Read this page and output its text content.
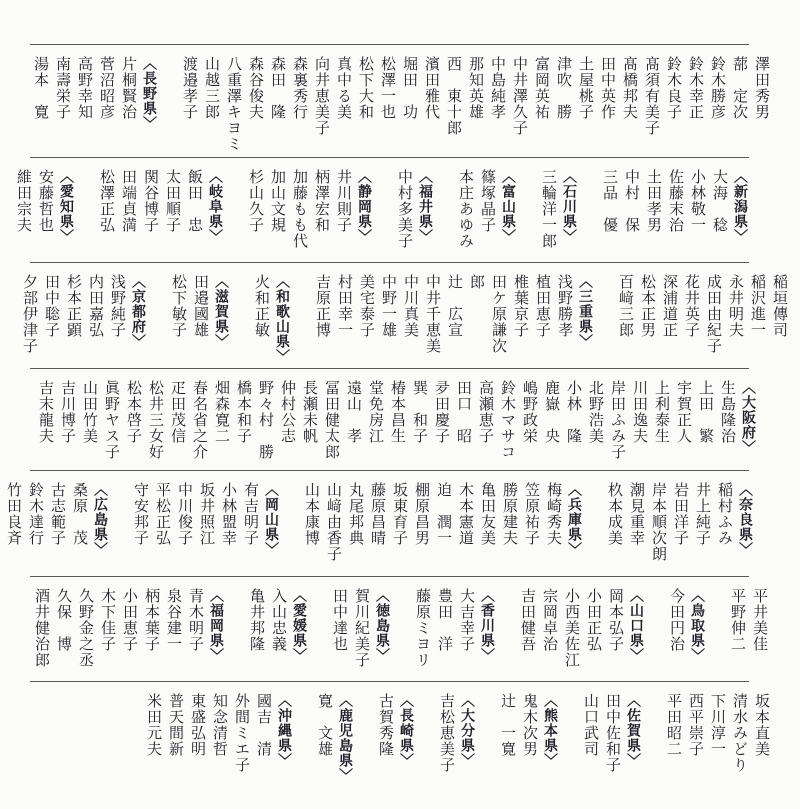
澤田秀男
蔀　定次
鈴木勝彦
鈴木幸正
鈴木良子
髙須有美子
髙橋邦夫
田中英作
土屋桃子
津吹　勝
富岡英祐
中井澤久子
中島純孝
那知英雄
西　東十郎
濱田雅代
堀田　功
松澤一也
松下大和
真中る美
向井恵美子
森裏秀行
森田　隆
森谷俊夫
八重澤キヨミ
山越三郎
渡邉孝子
〈長野県〉
片桐賢治
菅沼昭彦
高野幸知
南壽栄子
湯本　寛
〈新潟県〉
大海　稔
小林敬一
佐藤末治
土田孝男
中村　保
三品　優
〈石川県〉
三輪洋一郎
〈富山県〉
篠塚晶子
本庄あゆみ
〈福井県〉
中村多美子
〈静岡県〉
井川則子
柄澤宏和
加藤もも代
加山文規
杉山久子
〈岐阜県〉
飯田　忠
太田順子
関谷博子
田端貞満
松澤正弘
〈愛知県〉
安藤哲也
維田宗夫
稲垣傳司
稲沢進一
永井明夫
成田由紀子
花井英子
深浦道正
松本正男
百﨑三郎
〈三重県〉
浅野勝孝
植田恵子
椎葉京子
田ケ原謙次郎
辻　広宣
中井千恵美
中川真美
中野一雄
美宅泰子
村田幸一
吉原正博
〈和歌山県〉
火和正敏
〈滋賀県〉
田邉國雄
松下敏子
〈京都府〉
浅野純子
内田嘉弘
杉本正顕
田中聡子
夕部伊津子
〈大阪府〉
生島隆治
上田　繁
宇賀正人
上利泰生
川田逸夫
岸田ふみ子
北野浩美
小林　隆
鹿嶽　央
嶋野政栄
鈴木マサコ
高瀬恵子
田口　昭
夛田慶子
巽　和子
椿本昌生
堂免房江
遠山　孝
冨田健太郎
長瀬未帆
仲村公志
野々村　勝
橋本和子
畑森寛二
春名省之介
疋田茂信
松井三女好
松本啓子
眞野ヤス子
山田竹美
吉川博子
吉末龍夫
〈奈良県〉
稲村ふみ
井上純子
岩田洋子
岸本順次朗
潮見重幸
杦本成美
〈兵庫県〉
梅崎秀夫
笠原祐子
勝原建夫
亀田友美
木本憲道
迫　潤一
棚原昌男
坂東育子
藤原昌晴
丸尾邦典
山﨑由香子
山本康博
〈岡山県〉
有吉明子
小林盟幸
坂井照江
中川俊子
平松正弘
守安邦子
〈広島県〉
桑原　茂
古志範子
鈴木達行
竹田良斉
平井美佳
平野伸二
〈鳥取県〉
今田円治
〈山口県〉
岡本弘子
小田正弘
小西美佐江
宗岡卓治
吉田健吾
〈香川県〉
大吉幸子
豊田　洋
藤原ミヨリ
〈徳島県〉
賀川紀美子
田中達也
〈愛媛県〉
入山忠義
亀井邦隆
〈福岡県〉
青木明子
泉谷建一
柄本葉子
小田恵子
木下佳子
久野金之丞
久保　博
酒井健治郎
坂本直美
清水みどり
下川淳一
西平崇子
平田昭二
〈佐賀県〉
田中佐和子
山口武司
〈熊本県〉
鬼木次男
辻　一寛
〈大分県〉
吉松恵美子
〈長崎県〉
古賀秀隆
〈鹿児島県〉
寛　文雄
〈沖縄県〉
國吉　清
外間ミエ子
知念清哲
東盛弘明
普天間新
米田元夫
